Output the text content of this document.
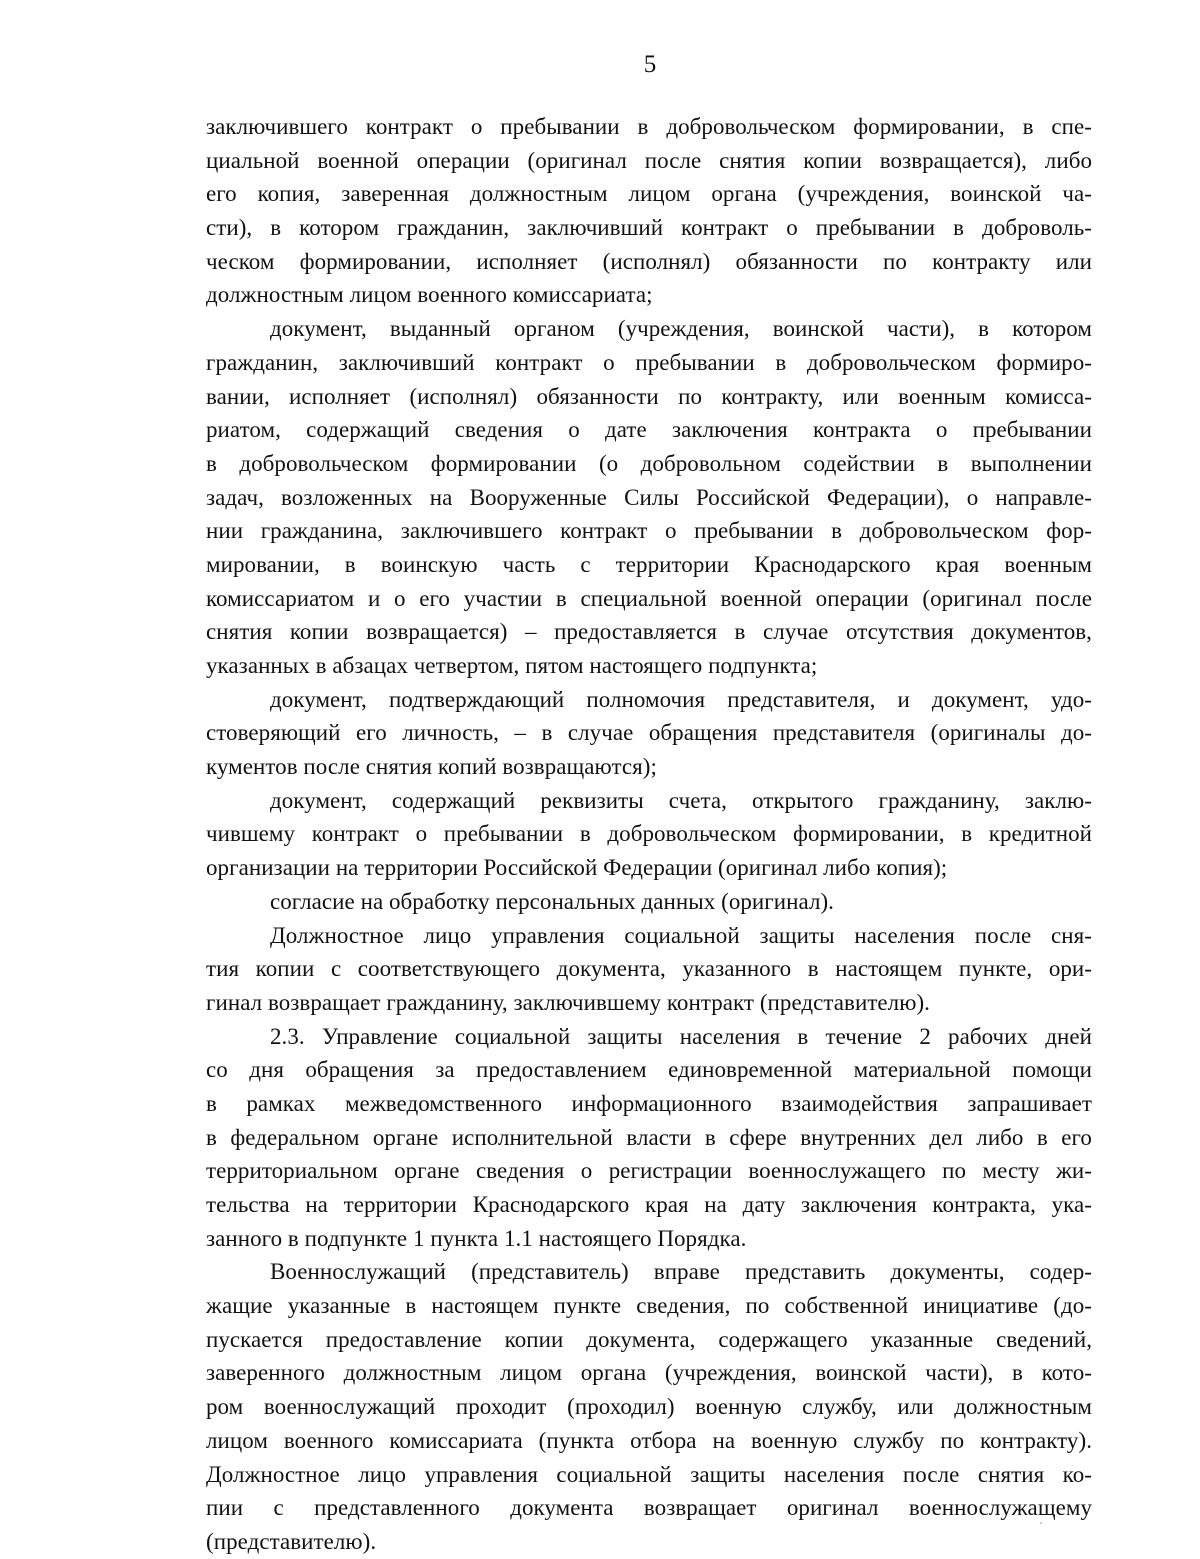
5
заключившего контракт о пребывании в добровольческом формировании, в спе-
циальной военной операции (оригинал после снятия копии возвращается), либо
его копия, заверенная должностным лицом органа (учреждения, воинской ча-
сти), в котором гражданин, заключивший контракт о пребывании в доброволь-
ческом формировании, исполняет (исполнял) обязанности по контракту или
должностным лицом военного комиссариата;
документ, выданный органом (учреждения, воинской части), в котором
гражданин, заключивший контракт о пребывании в добровольческом формиро-
вании, исполняет (исполнял) обязанности по контракту, или военным комисса-
риатом, содержащий сведения о дате заключения контракта о пребывании
в добровольческом формировании (о добровольном содействии в выполнении
задач, возложенных на Вооруженные Силы Российской Федерации), о направле-
нии гражданина, заключившего контракт о пребывании в добровольческом фор-
мировании, в воинскую часть с территории Краснодарского края военным
комиссариатом и о его участии в специальной военной операции (оригинал после
снятия копии возвращается) – предоставляется в случае отсутствия документов,
указанных в абзацах четвертом, пятом настоящего подпункта;
документ, подтверждающий полномочия представителя, и документ, удо-
стоверяющий его личность, – в случае обращения представителя (оригиналы до-
кументов после снятия копий возвращаются);
документ, содержащий реквизиты счета, открытого гражданину, заклю-
чившему контракт о пребывании в добровольческом формировании, в кредитной
организации на территории Российской Федерации (оригинал либо копия);
согласие на обработку персональных данных (оригинал).
Должностное лицо управления социальной защиты населения после сня-
тия копии с соответствующего документа, указанного в настоящем пункте, ори-
гинал возвращает гражданину, заключившему контракт (представителю).
2.3. Управление социальной защиты населения в течение 2 рабочих дней
со дня обращения за предоставлением единовременной материальной помощи
в рамках межведомственного информационного взаимодействия запрашивает
в федеральном органе исполнительной власти в сфере внутренних дел либо в его
территориальном органе сведения о регистрации военнослужащего по месту жи-
тельства на территории Краснодарского края на дату заключения контракта, ука-
занного в подпункте 1 пункта 1.1 настоящего Порядка.
Военнослужащий (представитель) вправе представить документы, содер-
жащие указанные в настоящем пункте сведения, по собственной инициативе (до-
пускается предоставление копии документа, содержащего указанные сведений,
заверенного должностным лицом органа (учреждения, воинской части), в кото-
ром военнослужащий проходит (проходил) военную службу, или должностным
лицом военного комиссариата (пункта отбора на военную службу по контракту).
Должностное лицо управления социальной защиты населения после снятия ко-
пии с представленного документа возвращает оригинал военнослужащему
(представителю).
